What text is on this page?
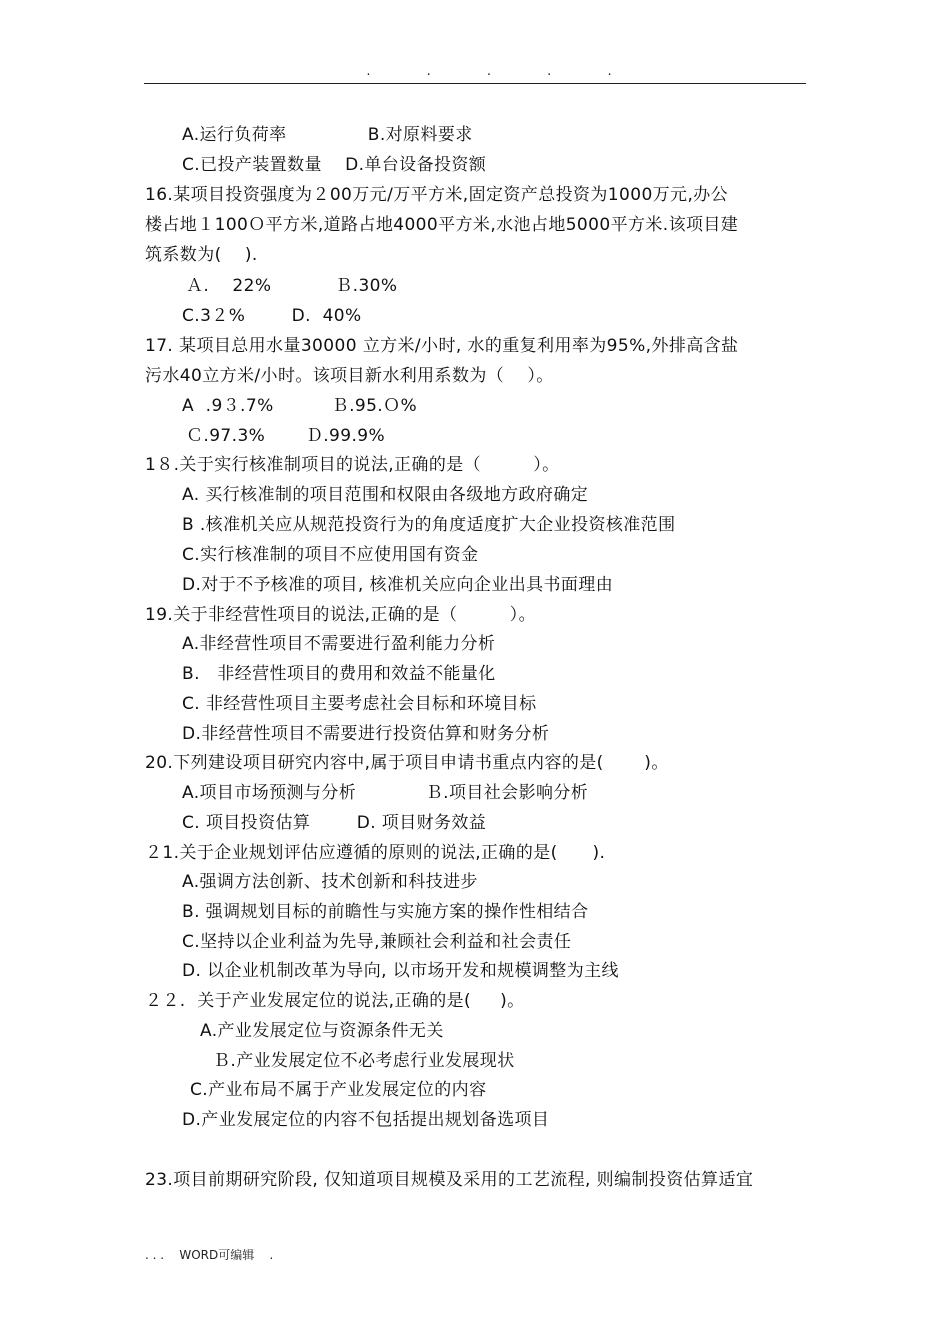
. . . . .
A.运行负荷率              B.对原料要求
C.已投产装置数量    D.单台设备投资额
16.某项目投资强度为２00万元/万平方米,固定资产总投资为1000万元,办公
楼占地１100Ｏ平方米,道路占地4000平方米,水池占地5000平方米.该项目建
筑系数为(    ).
Ａ.    22%           Ｂ.30%
C.3２%        D.  40%
17. 某项目总用水量30000 立方米/小时, 水的重复利用率为95%,外排高含盐
污水40立方米/小时。该项目新水利用系数为（    ）。
A  .9３.7%          Ｂ.95.Ｏ%
Ｃ.97.3%       Ｄ.99.9%
1８.关于实行核准制项目的说法,正确的是（         ）。
A. 买行核准制的项目范围和权限由各级地方政府确定
B .核准机关应从规范投资行为的角度适度扩大企业投资核准范围
C.实行核准制的项目不应使用国有资金
D.对于不予核准的项目, 核准机关应向企业出具书面理由
19.关于非经营性项目的说法,正确的是（         ）。
A.非经营性项目不需要进行盈利能力分析
B.   非经营性项目的费用和效益不能量化
C. 非经营性项目主要考虑社会目标和环境目标
D.非经营性项目不需要进行投资估算和财务分析
20.下列建设项目研究内容中,属于项目申请书重点内容的是(       )。
A.项目市场预测与分析            Ｂ.项目社会影响分析
C. 项目投资估算        D. 项目财务效益
２1.关于企业规划评估应遵循的原则的说法,正确的是(      ).
A.强调方法创新、技术创新和科技进步
B. 强调规划目标的前瞻性与实施方案的操作性相结合
C.坚持以企业利益为先导,兼顾社会利益和社会责任
D. 以企业机制改革为导向, 以市场开发和规模调整为主线
２２.  关于产业发展定位的说法,正确的是(     )。
A.产业发展定位与资源条件无关
Ｂ.产业发展定位不必考虑行业发展现状
C.产业布局不属于产业发展定位的内容
D.产业发展定位的内容不包括提出规划备选项目
23.项目前期研究阶段, 仅知道项目规模及采用的工艺流程, 则编制投资估算适宜
. . .    WORD可编辑    .
